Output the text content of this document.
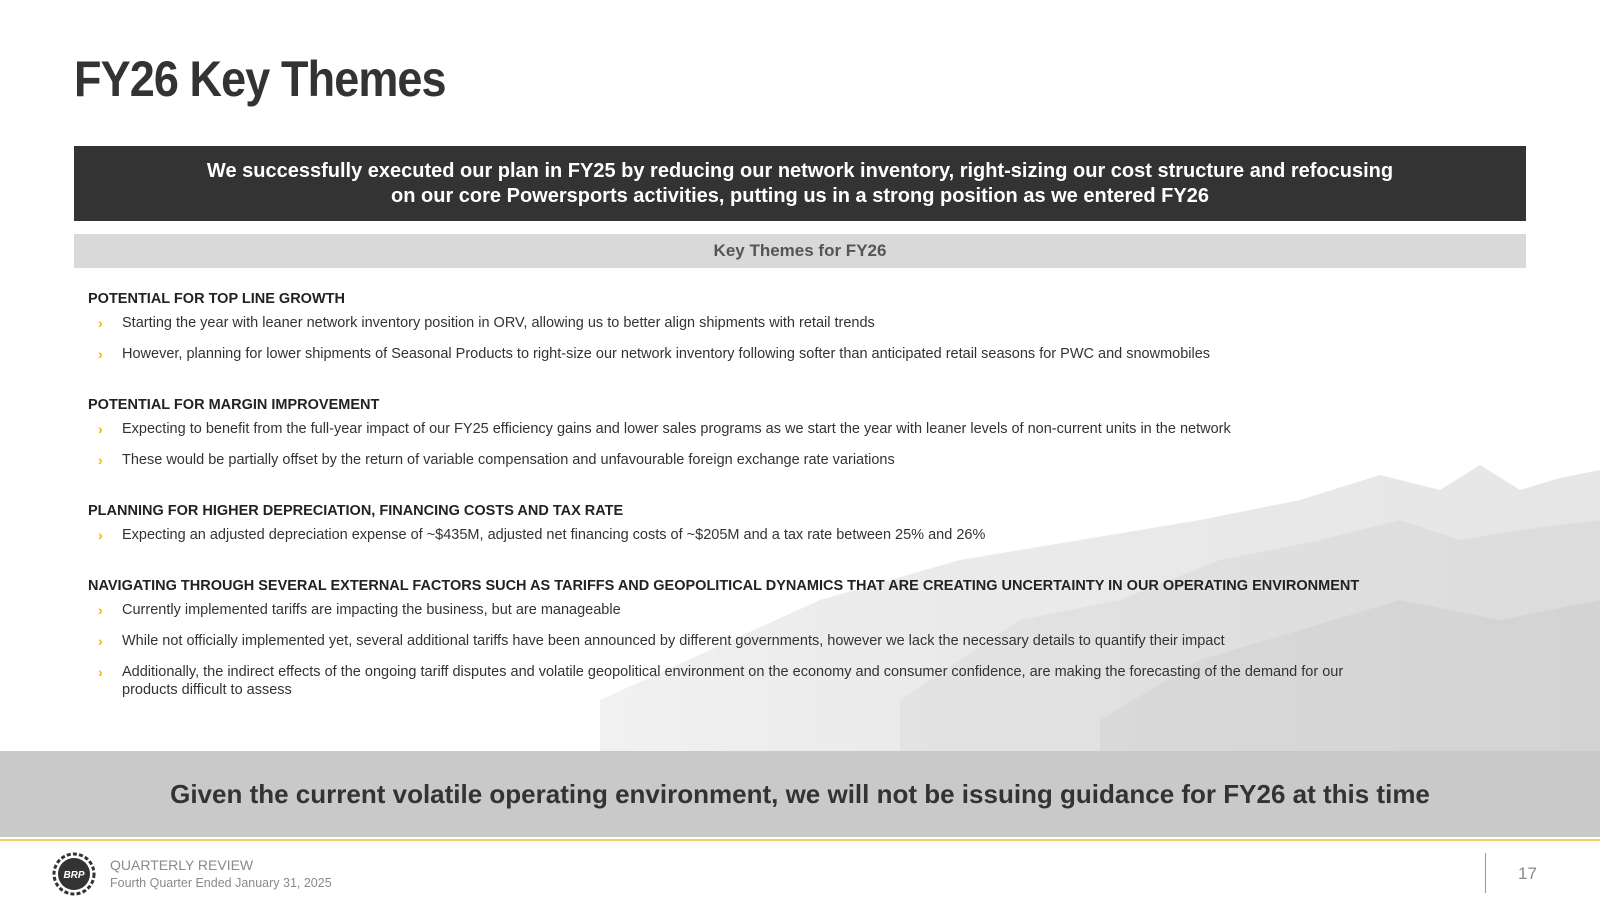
FY26 Key Themes
We successfully executed our plan in FY25 by reducing our network inventory, right-sizing our cost structure and refocusing
on our core Powersports activities, putting us in a strong position as we entered FY26
Key Themes for FY26
POTENTIAL FOR TOP LINE GROWTH
› Starting the year with leaner network inventory position in ORV, allowing us to better align shipments with retail trends
› However, planning for lower shipments of Seasonal Products to right-size our network inventory following softer than anticipated retail seasons for PWC and snowmobiles
POTENTIAL FOR MARGIN IMPROVEMENT
› Expecting to benefit from the full-year impact of our FY25 efficiency gains and lower sales programs as we start the year with leaner levels of non-current units in the network
› These would be partially offset by the return of variable compensation and unfavourable foreign exchange rate variations
PLANNING FOR HIGHER DEPRECIATION, FINANCING COSTS AND TAX RATE
› Expecting an adjusted depreciation expense of ~$435M, adjusted net financing costs of ~$205M and a tax rate between 25% and 26%
NAVIGATING THROUGH SEVERAL EXTERNAL FACTORS SUCH AS TARIFFS AND GEOPOLITICAL DYNAMICS THAT ARE CREATING UNCERTAINTY IN OUR OPERATING ENVIRONMENT
› Currently implemented tariffs are impacting the business, but are manageable
› While not officially implemented yet, several additional tariffs have been announced by different governments, however we lack the necessary details to quantify their impact
› Additionally, the indirect effects of the ongoing tariff disputes and volatile geopolitical environment on the economy and consumer confidence, are making the forecasting of the demand for our products difficult to assess
Given the current volatile operating environment, we will not be issuing guidance for FY26 at this time
BRP
QUARTERLY REVIEW
Fourth Quarter Ended January 31, 2025	17
